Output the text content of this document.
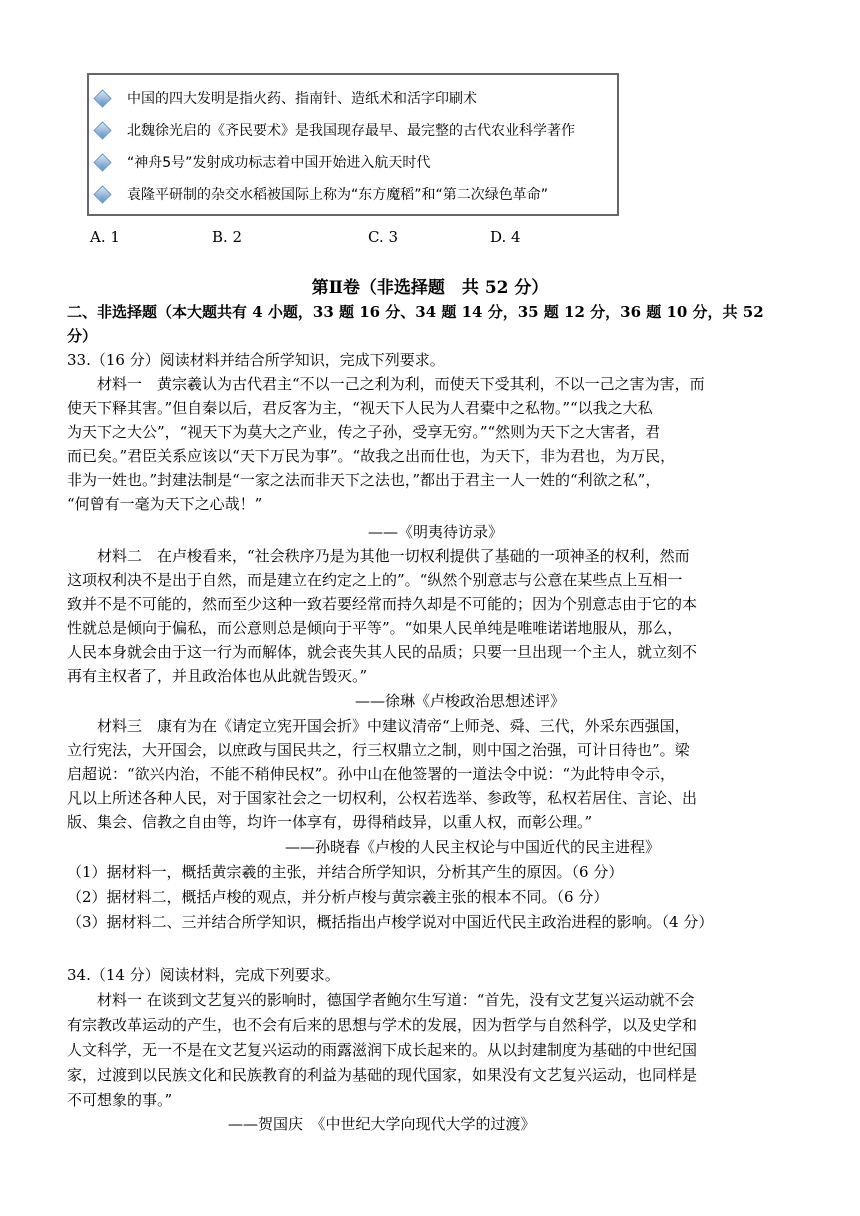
中国的四大发明是指火药、指南针、造纸术和活字印刷术
北魏徐光启的《齐民要术》是我国现存最早、最完整的古代农业科学著作
“神舟5号”发射成功标志着中国开始进入航天时代
袁隆平研制的杂交水稻被国际上称为“东方魔稻”和“第二次绿色革命”
A. 1	B. 2	C. 3	D. 4
第Ⅱ卷（非选择题　共 52 分）
二、非选择题（本大题共有 4 小题，33 题 16 分、34 题 14 分，35 题 12 分，36 题 10 分，共 52
分）
33.（16 分）阅读材料并结合所学知识，完成下列要求。
　　材料一　黄宗羲认为古代君主“不以一己之利为利，而使天下受其利，不以一己之害为害，而
使天下释其害。”但自秦以后，君反客为主，“视天下人民为人君橐中之私物。”“以我之大私
为天下之大公”，“视天下为莫大之产业，传之子孙，受享无穷。”“然则为天下之大害者，君
而已矣。”君臣关系应该以“天下万民为事”。“故我之出而仕也，为天下，非为君也，为万民，
非为一姓也。”封建法制是“一家之法而非天下之法也，”都出于君主一人一姓的“利欲之私”，
“何曾有一毫为天下之心哉！”
——《明夷待访录》
　　材料二　在卢梭看来，“社会秩序乃是为其他一切权利提供了基础的一项神圣的权利，然而
这项权利决不是出于自然，而是建立在约定之上的”。“纵然个别意志与公意在某些点上互相一
致并不是不可能的，然而至少这种一致若要经常而持久却是不可能的；因为个别意志由于它的本
性就总是倾向于偏私，而公意则总是倾向于平等”。“如果人民单纯是唯唯诺诺地服从，那么，
人民本身就会由于这一行为而解体，就会丧失其人民的品质；只要一旦出现一个主人，就立刻不
再有主权者了，并且政治体也从此就告毁灭。”
——徐琳《卢梭政治思想述评》
　　材料三　康有为在《请定立宪开国会折》中建议清帝“上师尧、舜、三代，外采东西强国，
立行宪法，大开国会，以庶政与国民共之，行三权鼎立之制，则中国之治强，可计日待也”。梁
启超说：“欲兴内治，不能不稍伸民权”。孙中山在他签署的一道法令中说：“为此特申令示，
凡以上所述各种人民，对于国家社会之一切权利，公权若选举、参政等，私权若居住、言论、出
版、集会、信教之自由等，均许一体享有，毋得稍歧异，以重人权，而彰公理。”
——孙晓春《卢梭的人民主权论与中国近代的民主进程》
（1）据材料一，概括黄宗羲的主张，并结合所学知识，分析其产生的原因。（6 分）
（2）据材料二，概括卢梭的观点，并分析卢梭与黄宗羲主张的根本不同。（6 分）
（3）据材料二、三并结合所学知识，概括指出卢梭学说对中国近代民主政治进程的影响。（4 分）
34.（14 分）阅读材料，完成下列要求。
　　材料一 在谈到文艺复兴的影响时，德国学者鲍尔生写道：“首先，没有文艺复兴运动就不会
有宗教改革运动的产生，也不会有后来的思想与学术的发展，因为哲学与自然科学，以及史学和
人文科学，无一不是在文艺复兴运动的雨露滋润下成长起来的。从以封建制度为基础的中世纪国
家，过渡到以民族文化和民族教育的利益为基础的现代国家，如果没有文艺复兴运动，也同样是
不可想象的事。”
——贺国庆　《中世纪大学向现代大学的过渡》
